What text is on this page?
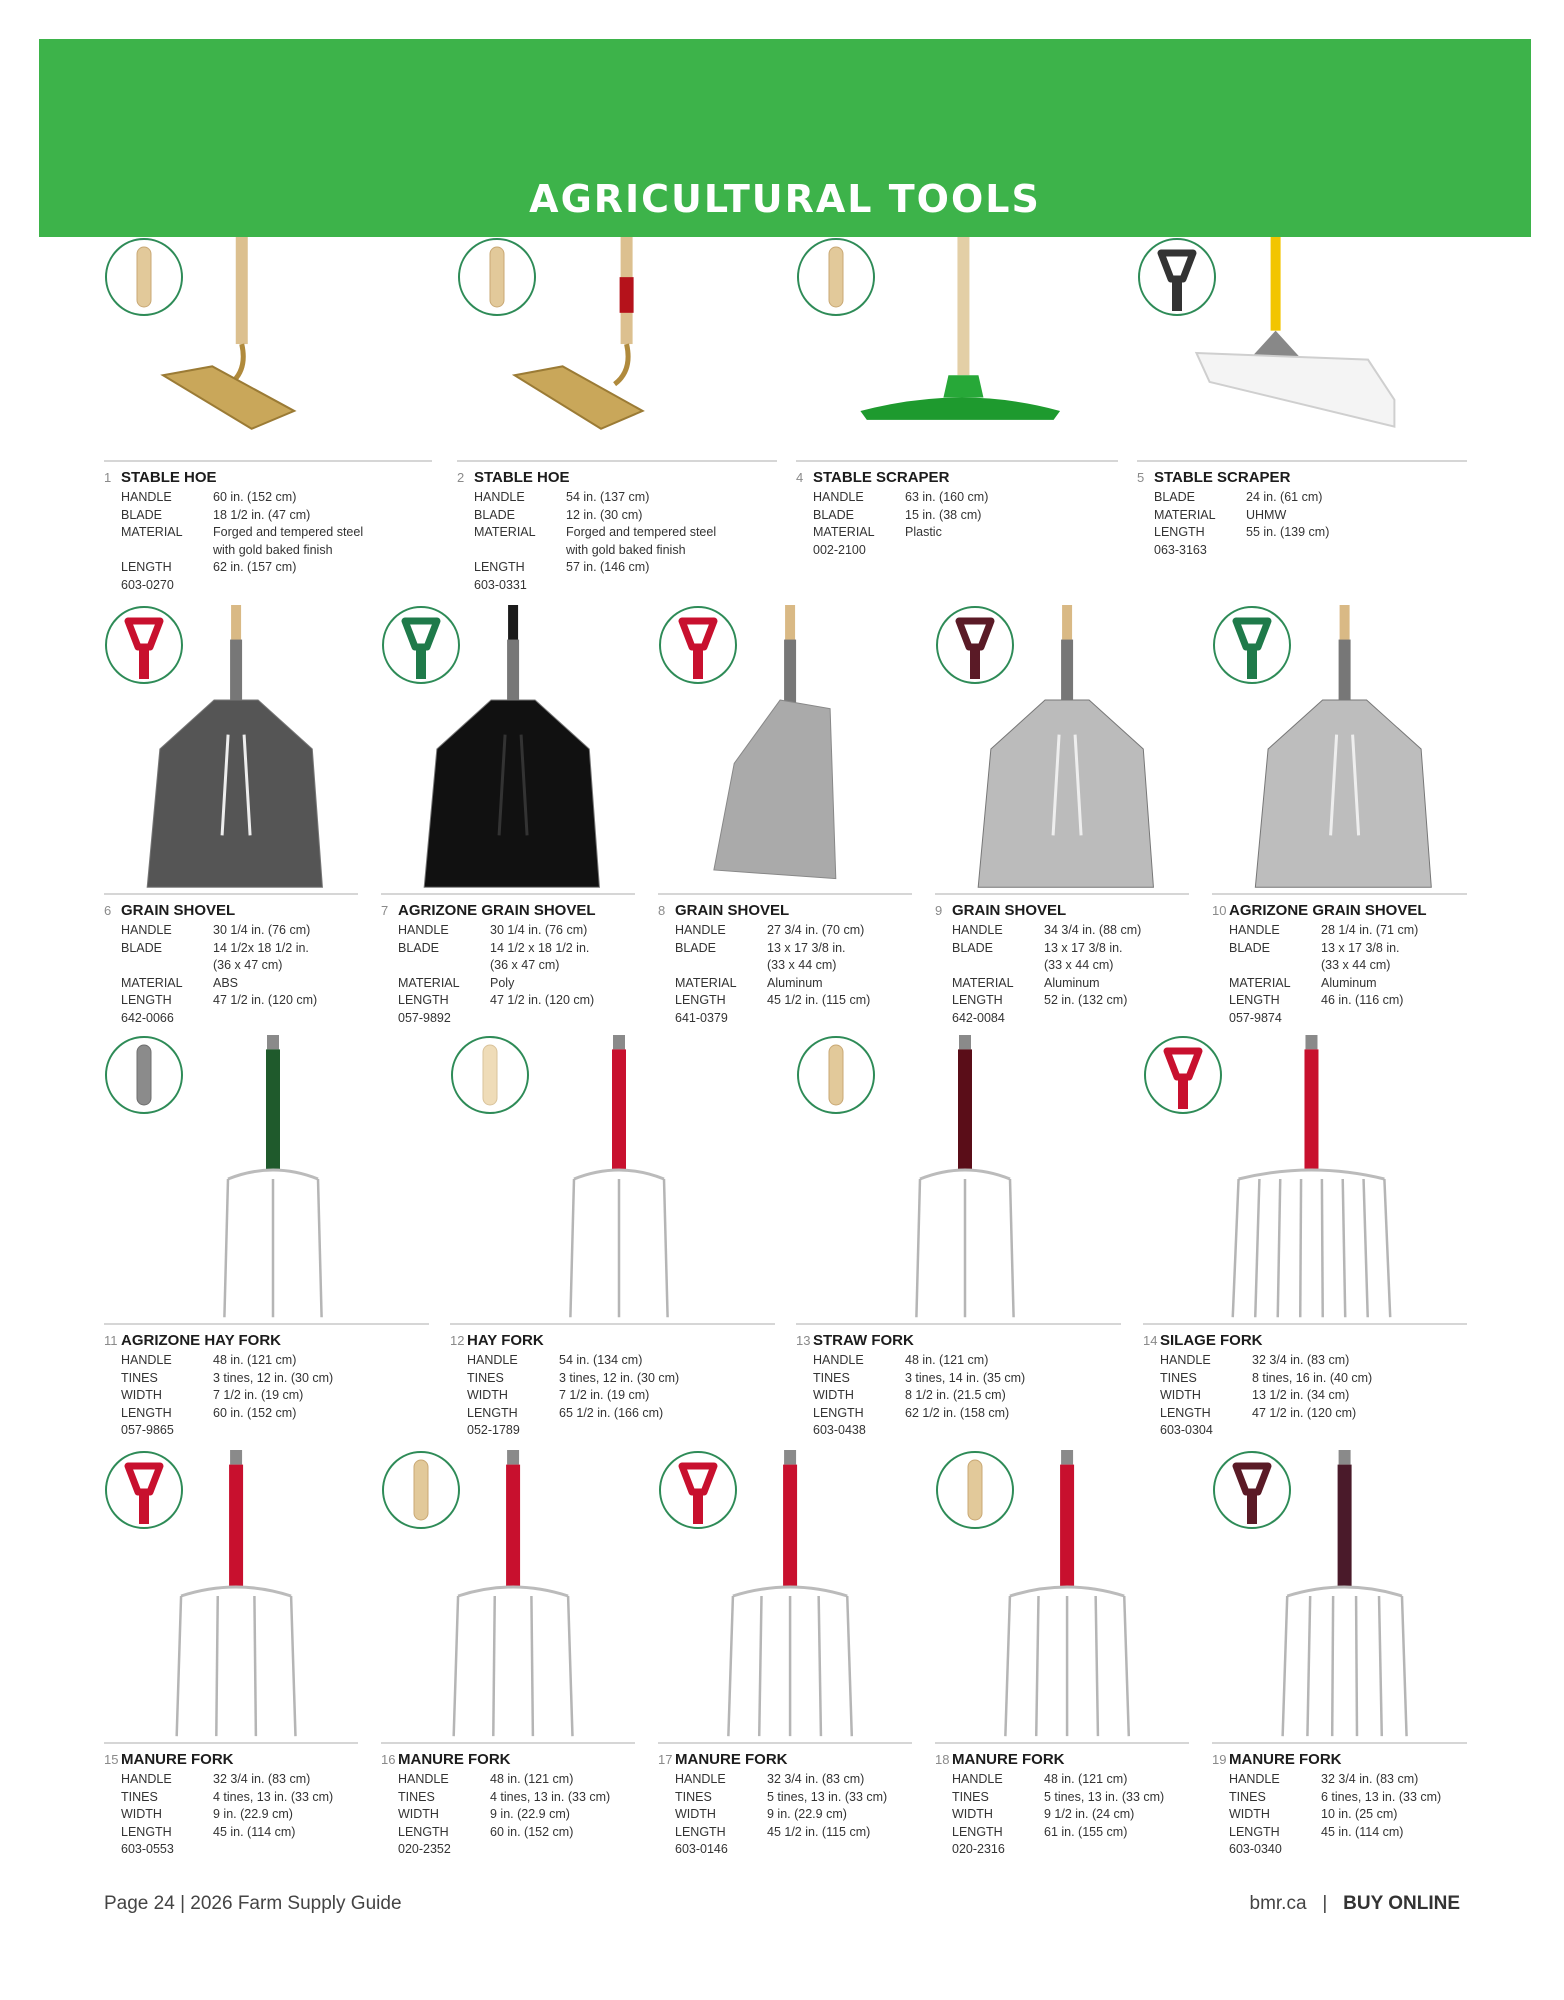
AGRICULTURAL TOOLS
1 STABLE HOE
HANDLE	60 in. (152 cm)
BLADE	18 1/2 in. (47 cm)
MATERIAL	Forged and tempered steel
with gold baked finish
LENGTH	62 in. (157 cm)
603-0270
2 STABLE HOE
HANDLE	54 in. (137 cm)
BLADE	12 in. (30 cm)
MATERIAL	Forged and tempered steel
with gold baked finish
LENGTH	57 in. (146 cm)
603-0331
4 STABLE SCRAPER
HANDLE	63 in. (160 cm)
BLADE	15 in. (38 cm)
MATERIAL	Plastic
002-2100
5 STABLE SCRAPER
BLADE	24 in. (61 cm)
MATERIAL	UHMW
LENGTH	55 in. (139 cm)
063-3163
6 GRAIN SHOVEL
HANDLE	30 1/4 in. (76 cm)
BLADE	14 1/2x 18 1/2 in.
(36 x 47 cm)
MATERIAL	ABS
LENGTH	47 1/2 in. (120 cm)
642-0066
7 AGRIZONE GRAIN SHOVEL
HANDLE	30 1/4 in. (76 cm)
BLADE	14 1/2 x 18 1/2 in.
(36 x 47 cm)
MATERIAL	Poly
LENGTH	47 1/2 in. (120 cm)
057-9892
8 GRAIN SHOVEL
HANDLE	27 3/4 in. (70 cm)
BLADE	13 x 17 3/8 in.
(33 x 44 cm)
MATERIAL	Aluminum
LENGTH	45 1/2 in. (115 cm)
641-0379
9 GRAIN SHOVEL
HANDLE	34 3/4 in. (88 cm)
BLADE	13 x 17 3/8 in.
(33 x 44 cm)
MATERIAL	Aluminum
LENGTH	52 in. (132 cm)
642-0084
10 AGRIZONE GRAIN SHOVEL
HANDLE	28 1/4 in. (71 cm)
BLADE	13 x 17 3/8 in.
(33 x 44 cm)
MATERIAL	Aluminum
LENGTH	46 in. (116 cm)
057-9874
11 AGRIZONE HAY FORK
HANDLE	48 in. (121 cm)
TINES	3 tines, 12 in. (30 cm)
WIDTH	7 1/2 in. (19 cm)
LENGTH	60 in. (152 cm)
057-9865
12 HAY FORK
HANDLE	54 in. (134 cm)
TINES	3 tines, 12 in. (30 cm)
WIDTH	7 1/2 in. (19 cm)
LENGTH	65 1/2 in. (166 cm)
052-1789
13 STRAW FORK
HANDLE	48 in. (121 cm)
TINES	3 tines, 14 in. (35 cm)
WIDTH	8 1/2 in. (21.5 cm)
LENGTH	62 1/2 in. (158 cm)
603-0438
14 SILAGE FORK
HANDLE	32 3/4 in. (83 cm)
TINES	8 tines, 16 in. (40 cm)
WIDTH	13 1/2 in. (34 cm)
LENGTH	47 1/2 in. (120 cm)
603-0304
15 MANURE FORK
HANDLE	32 3/4 in. (83 cm)
TINES	4 tines, 13 in. (33 cm)
WIDTH	9 in. (22.9 cm)
LENGTH	45 in. (114 cm)
603-0553
16 MANURE FORK
HANDLE	48 in. (121 cm)
TINES	4 tines, 13 in. (33 cm)
WIDTH	9 in. (22.9 cm)
LENGTH	60 in. (152 cm)
020-2352
17 MANURE FORK
HANDLE	32 3/4 in. (83 cm)
TINES	5 tines, 13 in. (33 cm)
WIDTH	9 in. (22.9 cm)
LENGTH	45 1/2 in. (115 cm)
603-0146
18 MANURE FORK
HANDLE	48 in. (121 cm)
TINES	5 tines, 13 in. (33 cm)
WIDTH	9 1/2 in. (24 cm)
LENGTH	61 in. (155 cm)
020-2316
19 MANURE FORK
HANDLE	32 3/4 in. (83 cm)
TINES	6 tines, 13 in. (33 cm)
WIDTH	10 in. (25 cm)
LENGTH	45 in. (114 cm)
603-0340
Page 24 | 2026 Farm Supply Guide	bmr.ca   |   BUY ONLINE
